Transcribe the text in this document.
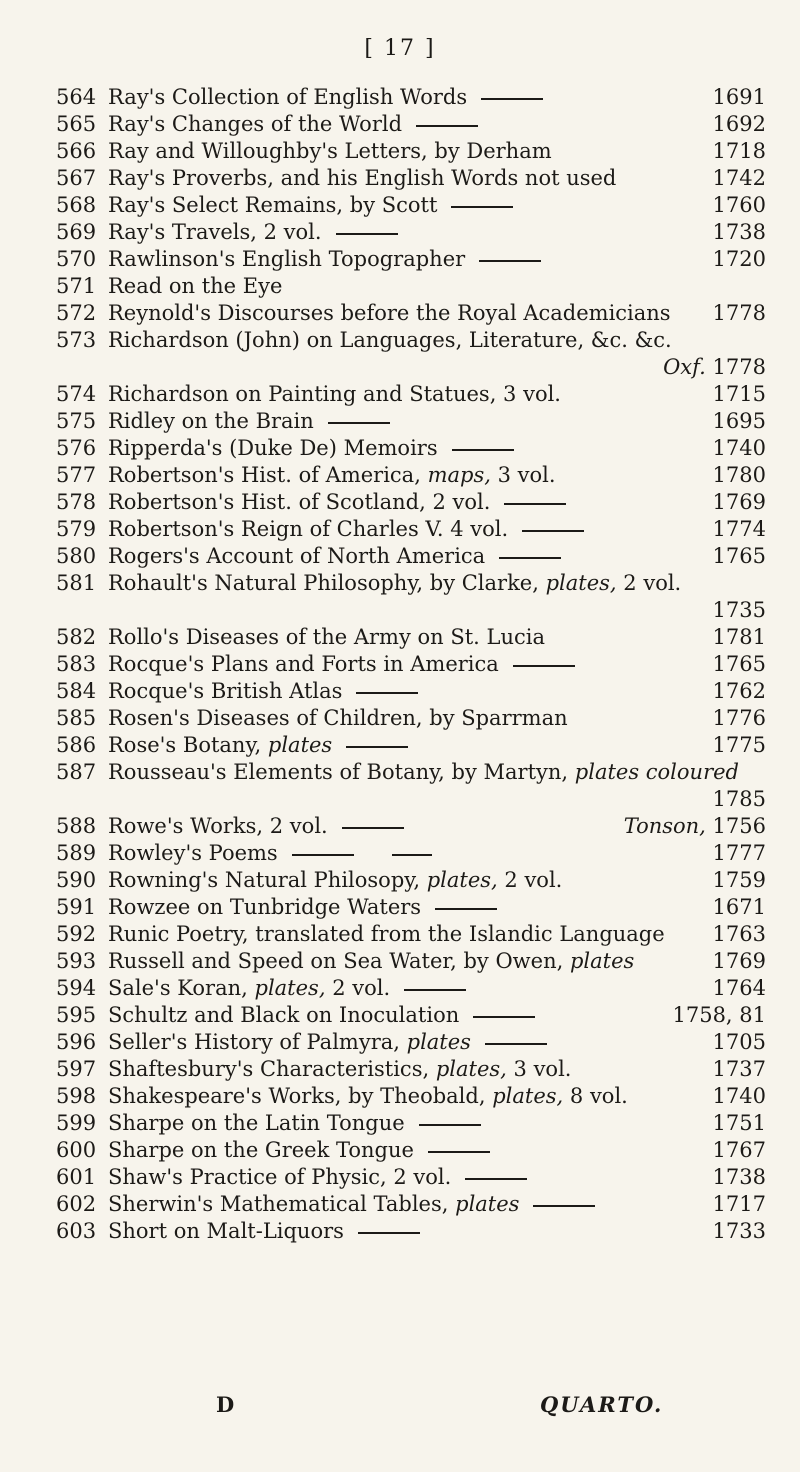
[ 17 ]
564 Ray's Collection of English Words	1691
565 Ray's Changes of the World	1692
566 Ray and Willoughby's Letters, by Derham	1718
567 Ray's Proverbs, and his English Words not used	1742
568 Ray's Select Remains, by Scott	1760
569 Ray's Travels, 2 vol.	1738
570 Rawlinson's English Topographer	1720
571 Read on the Eye
572 Reynold's Discourses before the Royal Academicians	1778
573 Richardson (John) on Languages, Literature, &c. &c.
Oxf. 1778
574 Richardson on Painting and Statues, 3 vol.	1715
575 Ridley on the Brain	1695
576 Ripperda's (Duke De) Memoirs	1740
577 Robertson's Hist. of America, maps, 3 vol.	1780
578 Robertson's Hist. of Scotland, 2 vol.	1769
579 Robertson's Reign of Charles V. 4 vol.	1774
580 Rogers's Account of North America	1765
581 Rohault's Natural Philosophy, by Clarke, plates, 2 vol.
1735
582 Rollo's Diseases of the Army on St. Lucia	1781
583 Rocque's Plans and Forts in America	1765
584 Rocque's British Atlas	1762
585 Rosen's Diseases of Children, by Sparrman	1776
586 Rose's Botany, plates	1775
587 Rousseau's Elements of Botany, by Martyn, plates coloured
1785
588 Rowe's Works, 2 vol.	Tonson, 1756
589 Rowley's Poems	1777
590 Rowning's Natural Philosopy, plates, 2 vol.	1759
591 Rowzee on Tunbridge Waters	1671
592 Runic Poetry, translated from the Islandic Language	1763
593 Russell and Speed on Sea Water, by Owen, plates	1769
594 Sale's Koran, plates, 2 vol.	1764
595 Schultz and Black on Inoculation	1758, 81
596 Seller's History of Palmyra, plates	1705
597 Shaftesbury's Characteristics, plates, 3 vol.	1737
598 Shakespeare's Works, by Theobald, plates, 8 vol.	1740
599 Sharpe on the Latin Tongue	1751
600 Sharpe on the Greek Tongue	1767
601 Shaw's Practice of Physic, 2 vol.	1738
602 Sherwin's Mathematical Tables, plates	1717
603 Short on Malt-Liquors	1733
D	QUARTO.
